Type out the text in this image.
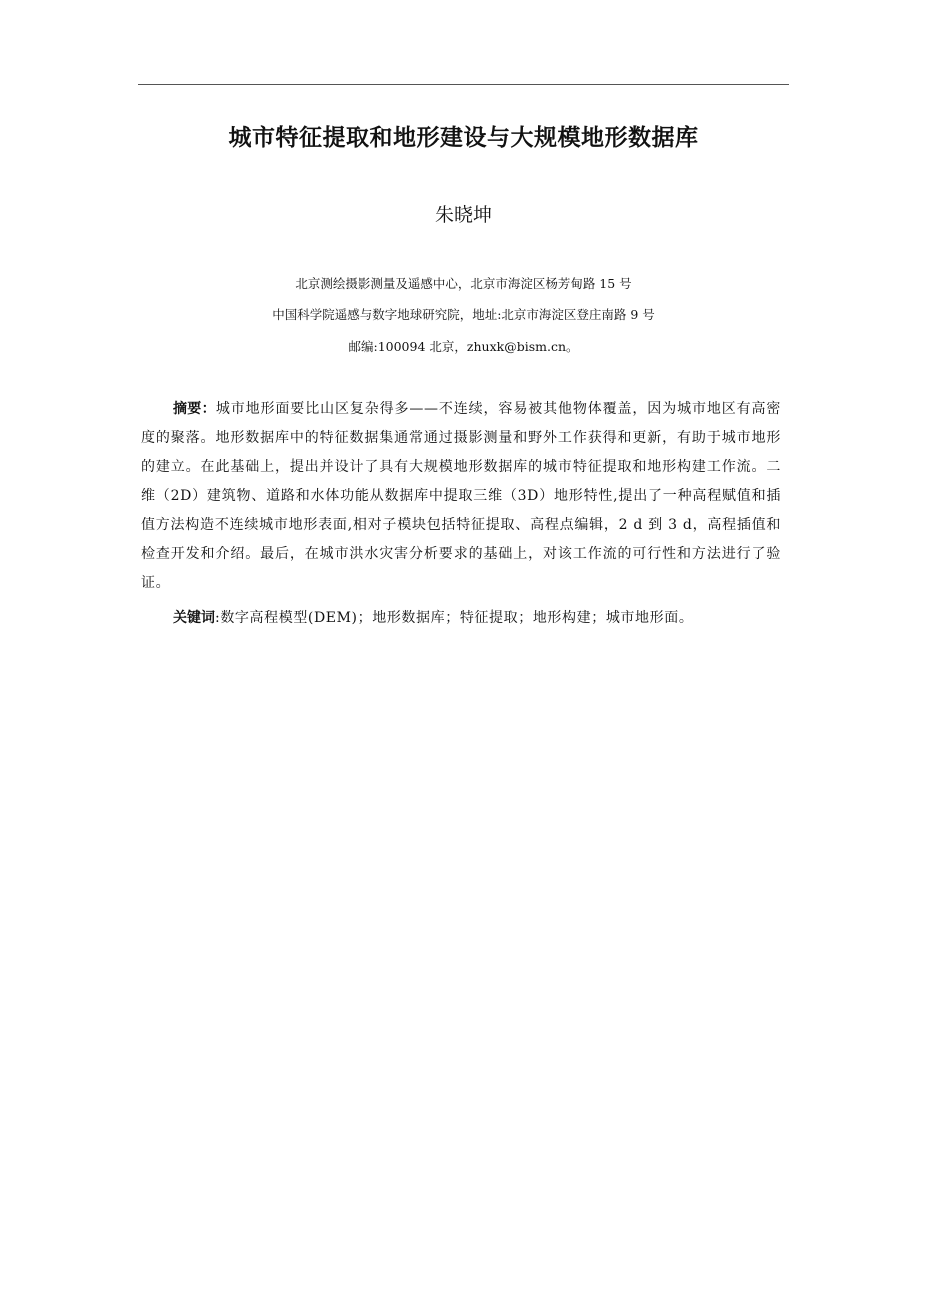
城市特征提取和地形建设与大规模地形数据库
朱晓坤
北京测绘摄影测量及遥感中心，北京市海淀区杨芳甸路 15 号
中国科学院遥感与数字地球研究院，地址:北京市海淀区登庄南路 9 号
邮编:100094 北京，zhuxk@bism.cn。

摘要：城市地形面要比山区复杂得多——不连续，容易被其他物体覆盖，因为城市地区有高密度的聚落。地形数据库中的特征数据集通常通过摄影测量和野外工作获得和更新，有助于城市地形的建立。在此基础上，提出并设计了具有大规模地形数据库的城市特征提取和地形构建工作流。二维（2D）建筑物、道路和水体功能从数据库中提取三维（3D）地形特性,提出了一种高程赋值和插值方法构造不连续城市地形表面,相对子模块包括特征提取、高程点编辑，2 d 到 3 d，高程插值和检查开发和介绍。最后，在城市洪水灾害分析要求的基础上，对该工作流的可行性和方法进行了验证。

关键词:数字高程模型(DEM)；地形数据库；特征提取；地形构建；城市地形面。
